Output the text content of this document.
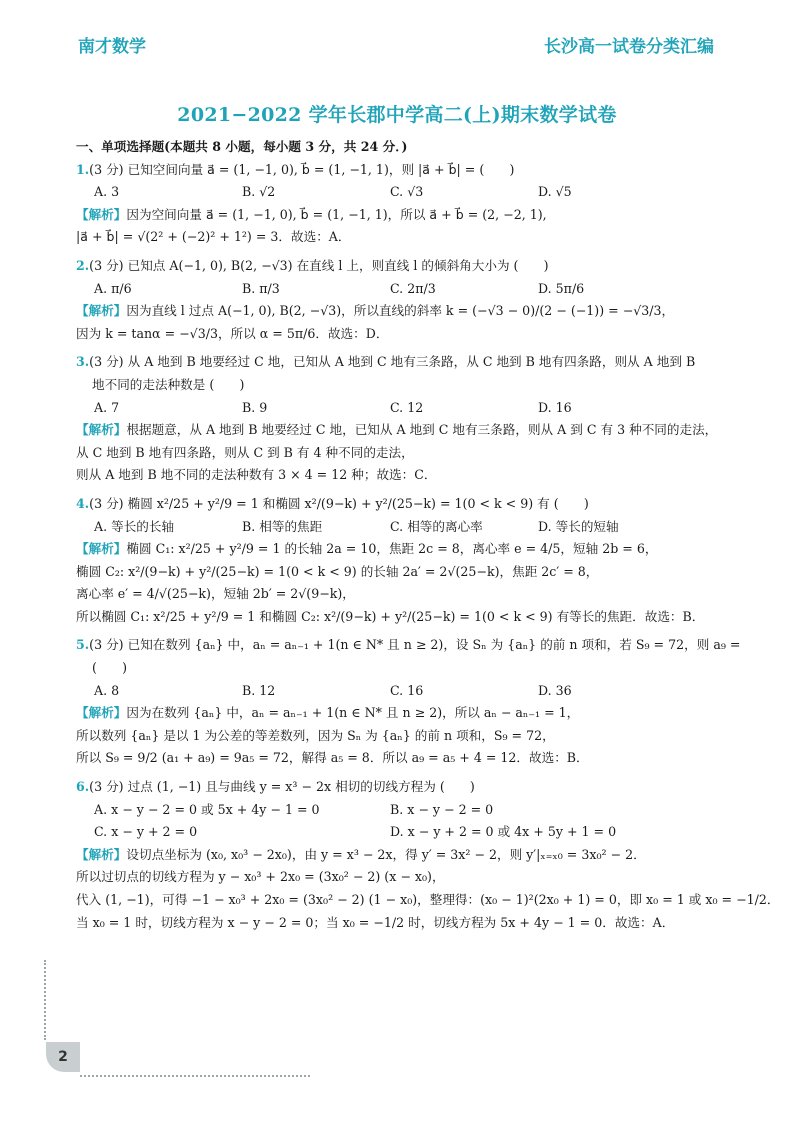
南才数学	长沙高一试卷分类汇编
2021−2022 学年长郡中学高二(上)期末数学试卷
一、单项选择题(本题共 8 小题，每小题 3 分，共 24 分．)
1.(3 分) 已知空间向量 a⃗ = (1, −1, 0), b⃗ = (1, −1, 1)，则 |a⃗ + b⃗| = (　　)
A. 3	B. √2	C. √3	D. √5
【解析】因为空间向量 a⃗ = (1, −1, 0), b⃗ = (1, −1, 1)，所以 a⃗ + b⃗ = (2, −2, 1),
|a⃗ + b⃗| = √(2² + (−2)² + 1²) = 3．故选：A．
2.(3 分) 已知点 A(−1, 0), B(2, −√3) 在直线 l 上，则直线 l 的倾斜角大小为 (　　)
A. π/6	B. π/3	C. 2π/3	D. 5π/6
【解析】因为直线 l 过点 A(−1, 0), B(2, −√3)，所以直线的斜率 k = (−√3 − 0)/(2 − (−1)) = −√3/3，
因为 k = tanα = −√3/3，所以 α = 5π/6．故选：D．
3.(3 分) 从 A 地到 B 地要经过 C 地，已知从 A 地到 C 地有三条路，从 C 地到 B 地有四条路，则从 A 地到 B
地不同的走法种数是 (　　)
A. 7	B. 9	C. 12	D. 16
【解析】根据题意，从 A 地到 B 地要经过 C 地，已知从 A 地到 C 地有三条路，则从 A 到 C 有 3 种不同的走法，
从 C 地到 B 地有四条路，则从 C 到 B 有 4 种不同的走法，
则从 A 地到 B 地不同的走法种数有 3 × 4 = 12 种；故选：C．
4.(3 分) 椭圆 x²/25 + y²/9 = 1 和椭圆 x²/(9−k) + y²/(25−k) = 1(0 < k < 9) 有 (　　)
A. 等长的长轴	B. 相等的焦距	C. 相等的离心率	D. 等长的短轴
【解析】椭圆 C₁: x²/25 + y²/9 = 1 的长轴 2a = 10，焦距 2c = 8，离心率 e = 4/5，短轴 2b = 6，
椭圆 C₂: x²/(9−k) + y²/(25−k) = 1(0 < k < 9) 的长轴 2a′ = 2√(25−k)，焦距 2c′ = 8，
离心率 e′ = 4/√(25−k)，短轴 2b′ = 2√(9−k)，
所以椭圆 C₁: x²/25 + y²/9 = 1 和椭圆 C₂: x²/(9−k) + y²/(25−k) = 1(0 < k < 9) 有等长的焦距．故选：B．
5.(3 分) 已知在数列 {aₙ} 中，aₙ = aₙ₋₁ + 1(n ∈ N* 且 n ≥ 2)，设 Sₙ 为 {aₙ} 的前 n 项和，若 S₉ = 72，则 a₉ =
(　　)
A. 8	B. 12	C. 16	D. 36
【解析】因为在数列 {aₙ} 中，aₙ = aₙ₋₁ + 1(n ∈ N* 且 n ≥ 2)，所以 aₙ − aₙ₋₁ = 1，
所以数列 {aₙ} 是以 1 为公差的等差数列，因为 Sₙ 为 {aₙ} 的前 n 项和，S₉ = 72，
所以 S₉ = 9/2 (a₁ + a₉) = 9a₅ = 72，解得 a₅ = 8．所以 a₉ = a₅ + 4 = 12．故选：B．
6.(3 分) 过点 (1, −1) 且与曲线 y = x³ − 2x 相切的切线方程为 (　　)
A. x − y − 2 = 0 或 5x + 4y − 1 = 0	B. x − y − 2 = 0
C. x − y + 2 = 0	D. x − y + 2 = 0 或 4x + 5y + 1 = 0
【解析】设切点坐标为 (x₀, x₀³ − 2x₀)，由 y = x³ − 2x，得 y′ = 3x² − 2，则 y′|ₓ₌ₓ₀ = 3x₀² − 2．
所以过切点的切线方程为 y − x₀³ + 2x₀ = (3x₀² − 2) (x − x₀)，
代入 (1, −1)，可得 −1 − x₀³ + 2x₀ = (3x₀² − 2) (1 − x₀)，整理得：(x₀ − 1)²(2x₀ + 1) = 0，即 x₀ = 1 或 x₀ = −1/2．
当 x₀ = 1 时，切线方程为 x − y − 2 = 0；当 x₀ = −1/2 时，切线方程为 5x + 4y − 1 = 0．故选：A．
2
